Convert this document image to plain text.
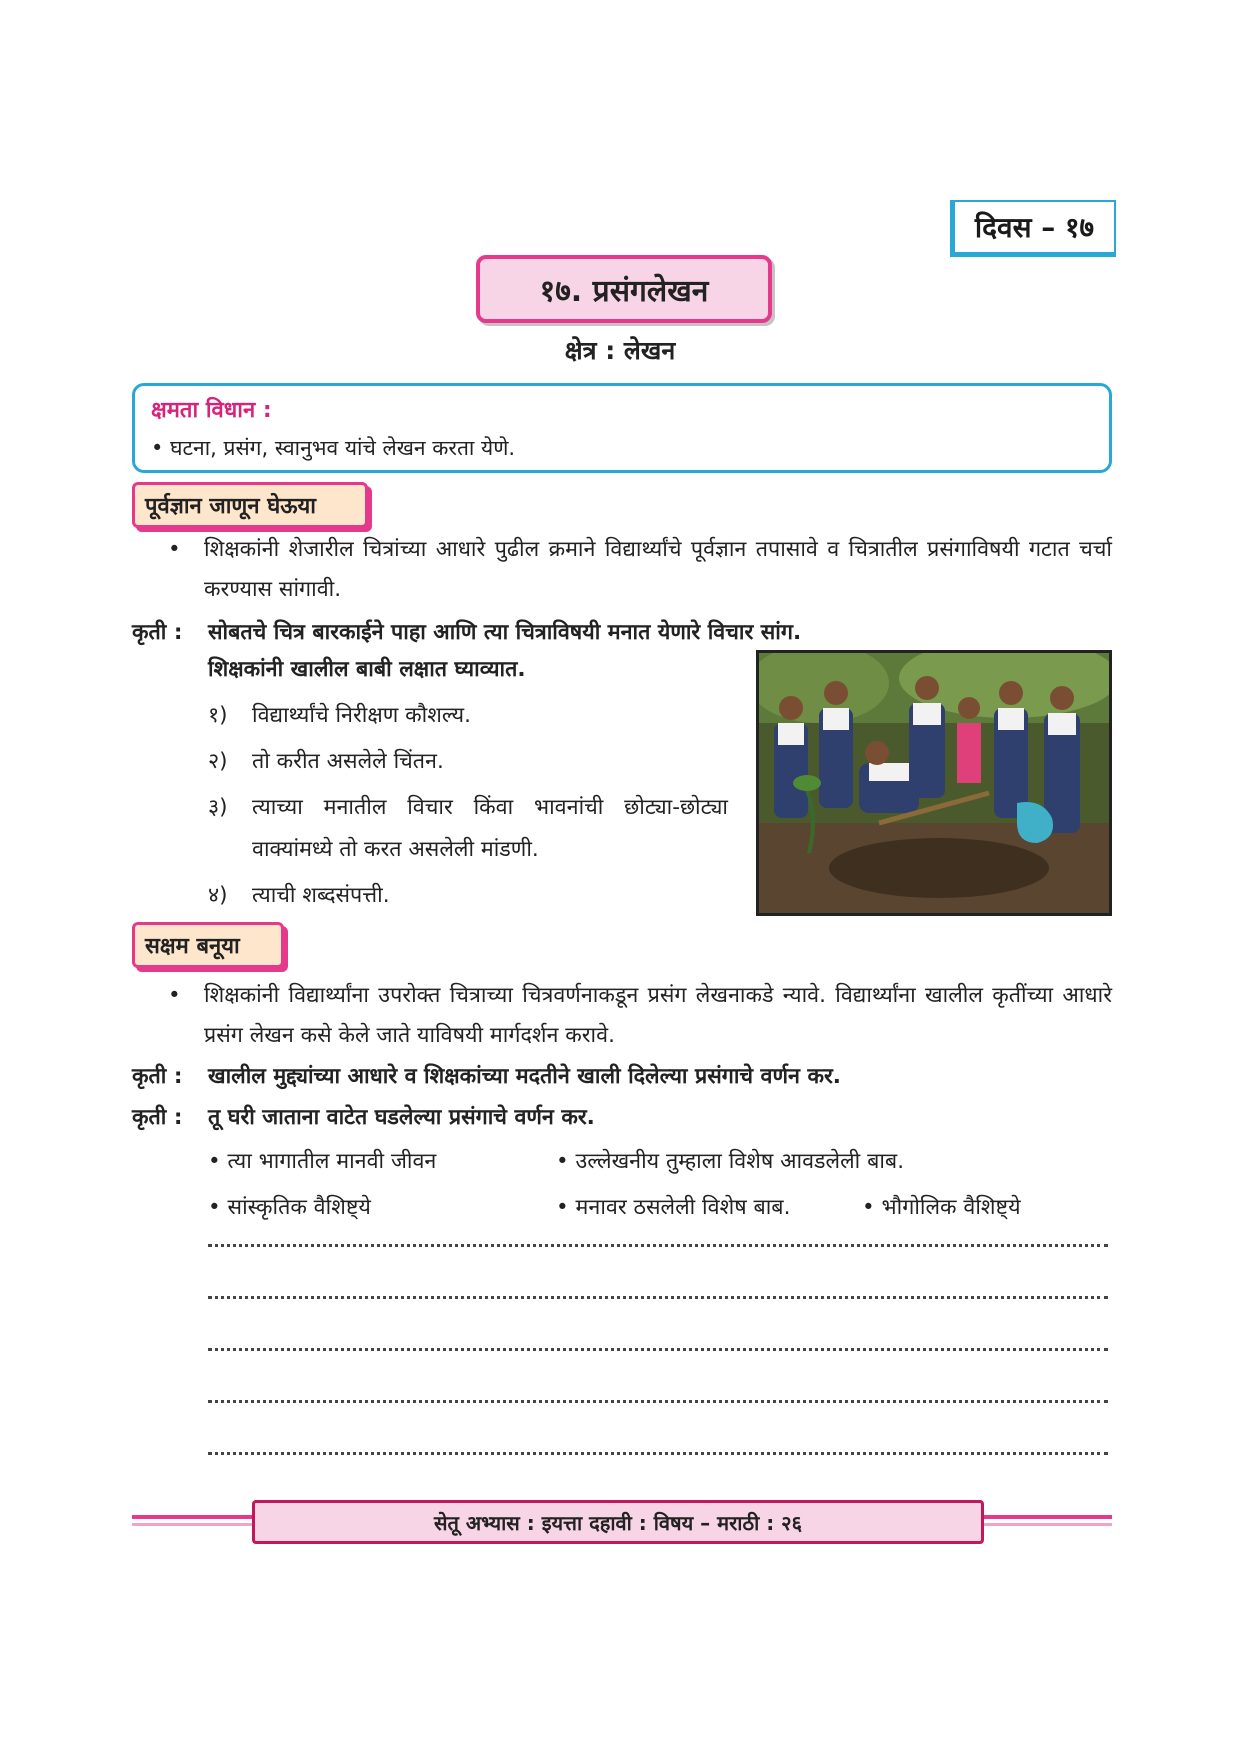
दिवस – १७
१७. प्रसंगलेखन
क्षेत्र : लेखन
क्षमता विधान :
• घटना, प्रसंग, स्वानुभव यांचे लेखन करता येणे.
पूर्वज्ञान जाणून घेऊया
• शिक्षकांनी शेजारील चित्रांच्या आधारे पुढील क्रमाने विद्यार्थ्यांचे पूर्वज्ञान तपासावे व चित्रातील प्रसंगाविषयी गटात चर्चा करण्यास सांगावी.
कृती : सोबतचे चित्र बारकाईने पाहा आणि त्या चित्राविषयी मनात येणारे विचार सांग.
शिक्षकांनी खालील बाबी लक्षात घ्याव्यात.
१)	विद्यार्थ्यांचे निरीक्षण कौशल्य.
२)	तो करीत असलेले चिंतन.
३)	त्याच्या मनातील विचार किंवा भावनांची छोट्या-छोट्या वाक्यांमध्ये तो करत असलेली मांडणी.
४)	त्याची शब्दसंपत्ती.
सक्षम बनूया
• शिक्षकांनी विद्यार्थ्यांना उपरोक्त चित्राच्या चित्रवर्णनाकडून प्रसंग लेखनाकडे न्यावे. विद्यार्थ्यांना खालील कृतींच्या आधारे प्रसंग लेखन कसे केले जाते याविषयी मार्गदर्शन करावे.
कृती : खालील मुद्द्यांच्या आधारे व शिक्षकांच्या मदतीने खाली दिलेल्या प्रसंगाचे वर्णन कर.
कृती : तू घरी जाताना वाटेत घडलेल्या प्रसंगाचे वर्णन कर.
• त्या भागातील मानवी जीवन	• उल्लेखनीय तुम्हाला विशेष आवडलेली बाब.
• सांस्कृतिक वैशिष्ट्ये	• मनावर ठसलेली विशेष बाब.	• भौगोलिक वैशिष्ट्ये
सेतू अभ्यास : इयत्ता दहावी : विषय – मराठी : २६
